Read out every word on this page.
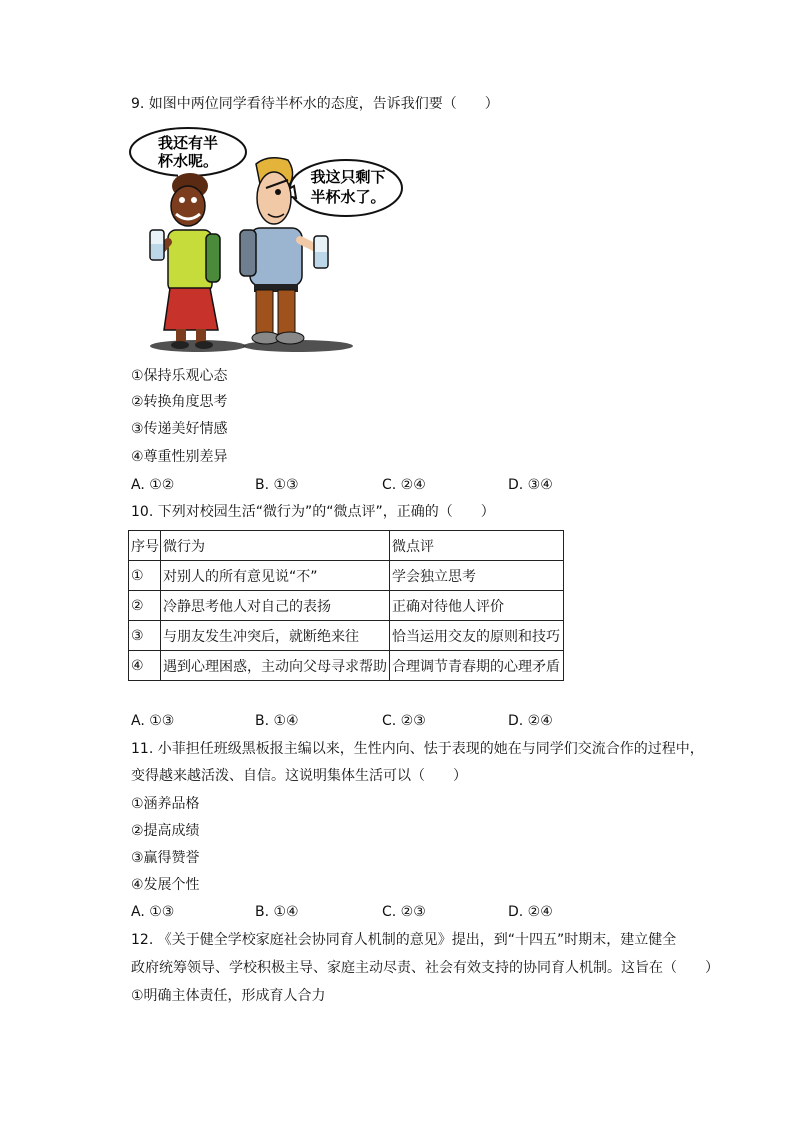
9. 如图中两位同学看待半杯水的态度，告诉我们要（　　）
我还有半
杯水呢。
我这只剩下
半杯水了。
①保持乐观心态
②转换角度思考
③传递美好情感
④尊重性别差异
A. ①②	B. ①③	C. ②④	D. ③④
10. 下列对校园生活“微行为”的“微点评”，正确的（　　）
序号	微行为	微点评
①	对别人的所有意见说“不”	学会独立思考
②	冷静思考他人对自己的表扬	正确对待他人评价
③	与朋友发生冲突后，就断绝来往	恰当运用交友的原则和技巧
④	遇到心理困惑，主动向父母寻求帮助	合理调节青春期的心理矛盾
A. ①③	B. ①④	C. ②③	D. ②④
11. 小菲担任班级黑板报主编以来，生性内向、怯于表现的她在与同学们交流合作的过程中，
变得越来越活泼、自信。这说明集体生活可以（　　）
①涵养品格
②提高成绩
③赢得赞誉
④发展个性
A. ①③	B. ①④	C. ②③	D. ②④
12. 《关于健全学校家庭社会协同育人机制的意见》提出，到“十四五”时期末，建立健全
政府统筹领导、学校积极主导、家庭主动尽责、社会有效支持的协同育人机制。这旨在（　　）
①明确主体责任，形成育人合力
